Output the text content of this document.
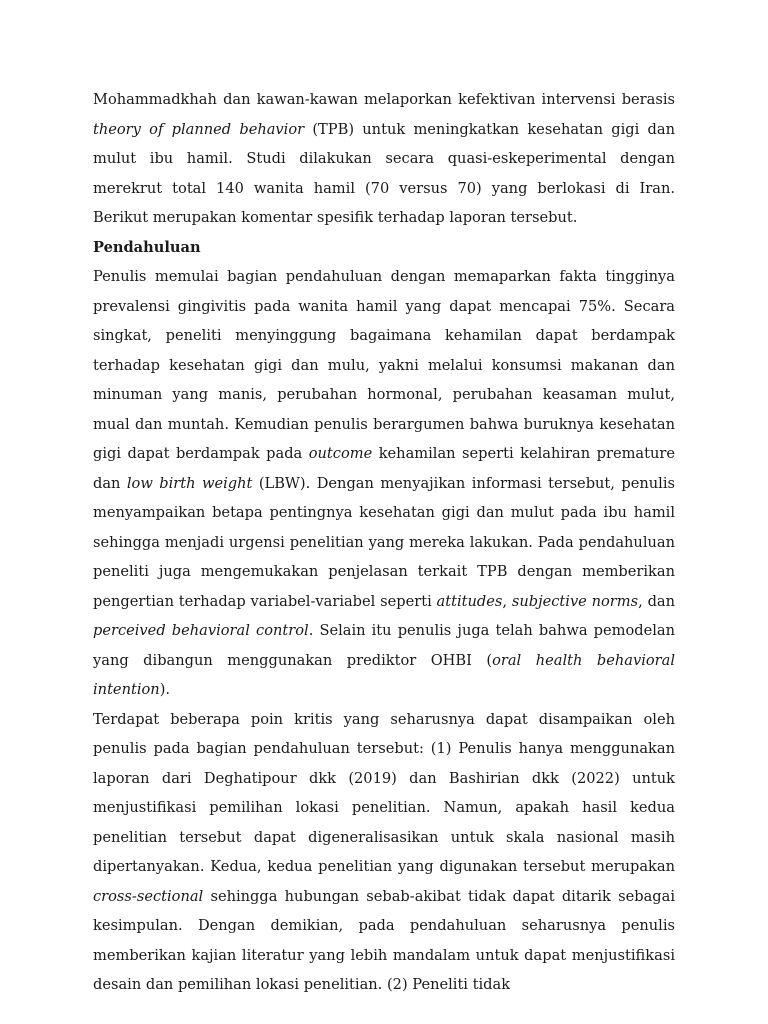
Mohammadkhah dan kawan-kawan melaporkan kefektivan intervensi berasis theory of planned behavior (TPB) untuk meningkatkan kesehatan gigi dan mulut ibu hamil. Studi dilakukan secara quasi-eskeperimental dengan merekrut total 140 wanita hamil (70 versus 70) yang berlokasi di Iran. Berikut merupakan komentar spesifik terhadap laporan tersebut.

Pendahuluan

Penulis memulai bagian pendahuluan dengan memaparkan fakta tingginya prevalensi gingivitis pada wanita hamil yang dapat mencapai 75%. Secara singkat, peneliti menyinggung bagaimana kehamilan dapat berdampak terhadap kesehatan gigi dan mulu, yakni melalui konsumsi makanan dan minuman yang manis, perubahan hormonal, perubahan keasaman mulut, mual dan muntah. Kemudian penulis berargumen bahwa buruknya kesehatan gigi dapat berdampak pada outcome kehamilan seperti kelahiran premature dan low birth weight (LBW). Dengan menyajikan informasi tersebut, penulis menyampaikan betapa pentingnya kesehatan gigi dan mulut pada ibu hamil sehingga menjadi urgensi penelitian yang mereka lakukan. Pada pendahuluan peneliti juga mengemukakan penjelasan terkait TPB dengan memberikan pengertian terhadap variabel-variabel seperti attitudes, subjective norms, dan perceived behavioral control. Selain itu penulis juga telah bahwa pemodelan yang dibangun menggunakan prediktor OHBI (oral health behavioral intention).

Terdapat beberapa poin kritis yang seharusnya dapat disampaikan oleh penulis pada bagian pendahuluan tersebut: (1) Penulis hanya menggunakan laporan dari Deghatipour dkk (2019) dan Bashirian dkk (2022) untuk menjustifikasi pemilihan lokasi penelitian. Namun, apakah hasil kedua penelitian tersebut dapat digeneralisasikan untuk skala nasional masih dipertanyakan. Kedua, kedua penelitian yang digunakan tersebut merupakan cross-sectional sehingga hubungan sebab-akibat tidak dapat ditarik sebagai kesimpulan. Dengan demikian, pada pendahuluan seharusnya penulis memberikan kajian literatur yang lebih mandalam untuk dapat menjustifikasi desain dan pemilihan lokasi penelitian. (2) Peneliti tidak
